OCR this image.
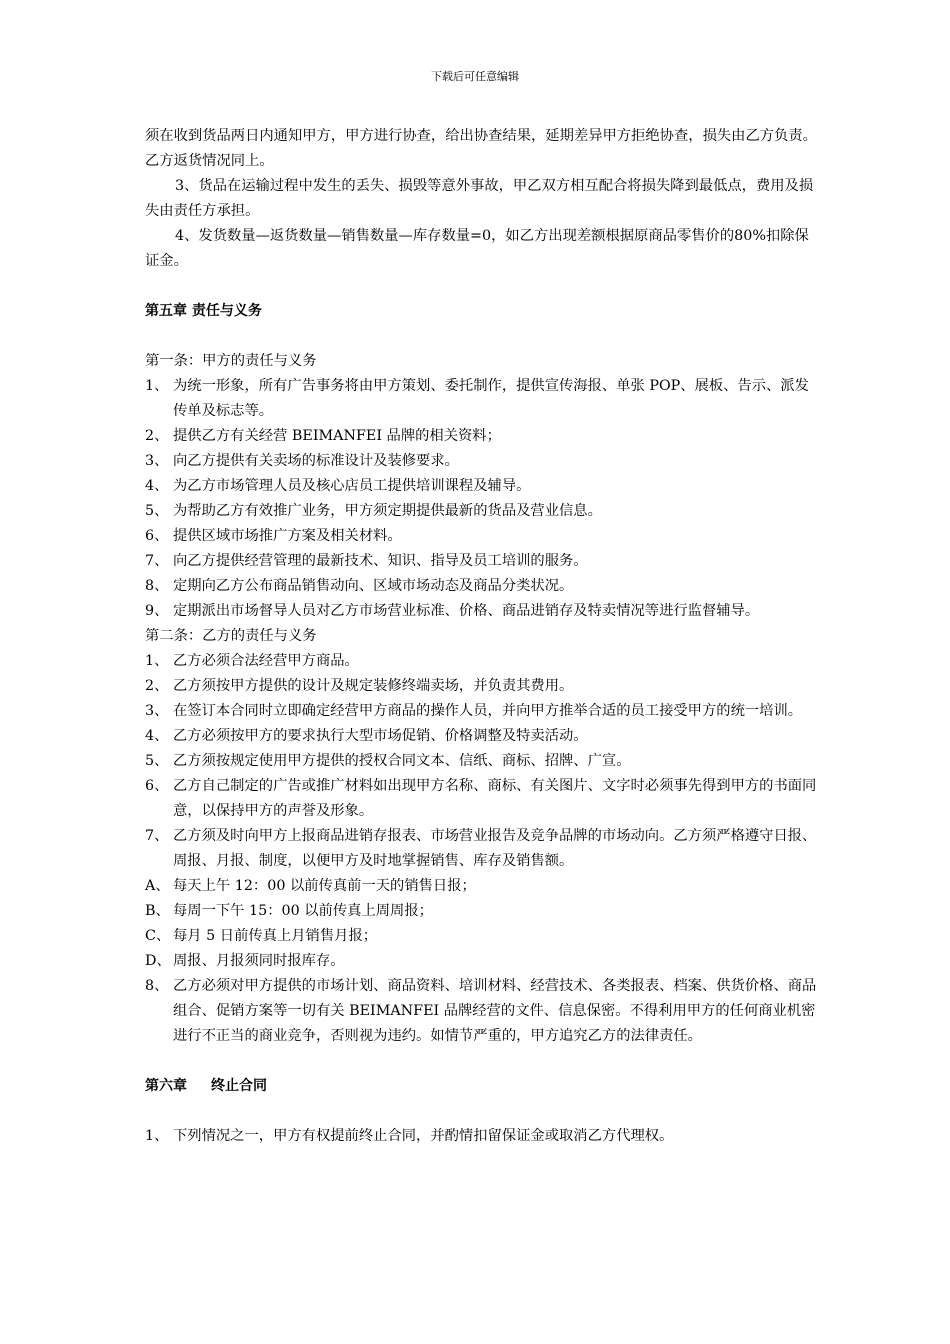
下载后可任意编辑

须在收到货品两日内通知甲方，甲方进行协查，给出协查结果，延期差异甲方拒绝协查，损失由乙方负责。乙方返货情况同上。

3、货品在运输过程中发生的丢失、损毁等意外事故，甲乙双方相互配合将损失降到最低点，费用及损失由责任方承担。

4、发货数量—返货数量—销售数量—库存数量=0，如乙方出现差额根据原商品零售价的80%扣除保证金。

第五章 责任与义务

第一条：甲方的责任与义务

1、 为统一形象，所有广告事务将由甲方策划、委托制作，提供宣传海报、单张 POP、展板、告示、派发传单及标志等。
2、 提供乙方有关经营 BEIMANFEI 品牌的相关资料；
3、 向乙方提供有关卖场的标准设计及装修要求。
4、 为乙方市场管理人员及核心店员工提供培训课程及辅导。
5、 为帮助乙方有效推广业务，甲方须定期提供最新的货品及营业信息。
6、 提供区域市场推广方案及相关材料。
7、 向乙方提供经营管理的最新技术、知识、指导及员工培训的服务。
8、 定期向乙方公布商品销售动向、区域市场动态及商品分类状况。
9、 定期派出市场督导人员对乙方市场营业标准、价格、商品进销存及特卖情况等进行监督辅导。

第二条：乙方的责任与义务

1、 乙方必须合法经营甲方商品。
2、 乙方须按甲方提供的设计及规定装修终端卖场，并负责其费用。
3、 在签订本合同时立即确定经营甲方商品的操作人员，并向甲方推举合适的员工接受甲方的统一培训。
4、 乙方必须按甲方的要求执行大型市场促销、价格调整及特卖活动。
5、 乙方须按规定使用甲方提供的授权合同文本、信纸、商标、招牌、广宣。
6、 乙方自己制定的广告或推广材料如出现甲方名称、商标、有关图片、文字时必须事先得到甲方的书面同意，以保持甲方的声誉及形象。
7、 乙方须及时向甲方上报商品进销存报表、市场营业报告及竞争品牌的市场动向。乙方须严格遵守日报、周报、月报、制度，以便甲方及时地掌握销售、库存及销售额。
A、 每天上午 12：00 以前传真前一天的销售日报；
B、 每周一下午 15：00 以前传真上周周报；
C、 每月 5 日前传真上月销售月报；
D、 周报、月报须同时报库存。
8、 乙方必须对甲方提供的市场计划、商品资料、培训材料、经营技术、各类报表、档案、供货价格、商品组合、促销方案等一切有关 BEIMANFEI 品牌经营的文件、信息保密。不得利用甲方的任何商业机密进行不正当的商业竞争，否则视为违约。如情节严重的，甲方追究乙方的法律责任。

第六章 终止合同

1、 下列情况之一，甲方有权提前终止合同，并酌情扣留保证金或取消乙方代理权。
